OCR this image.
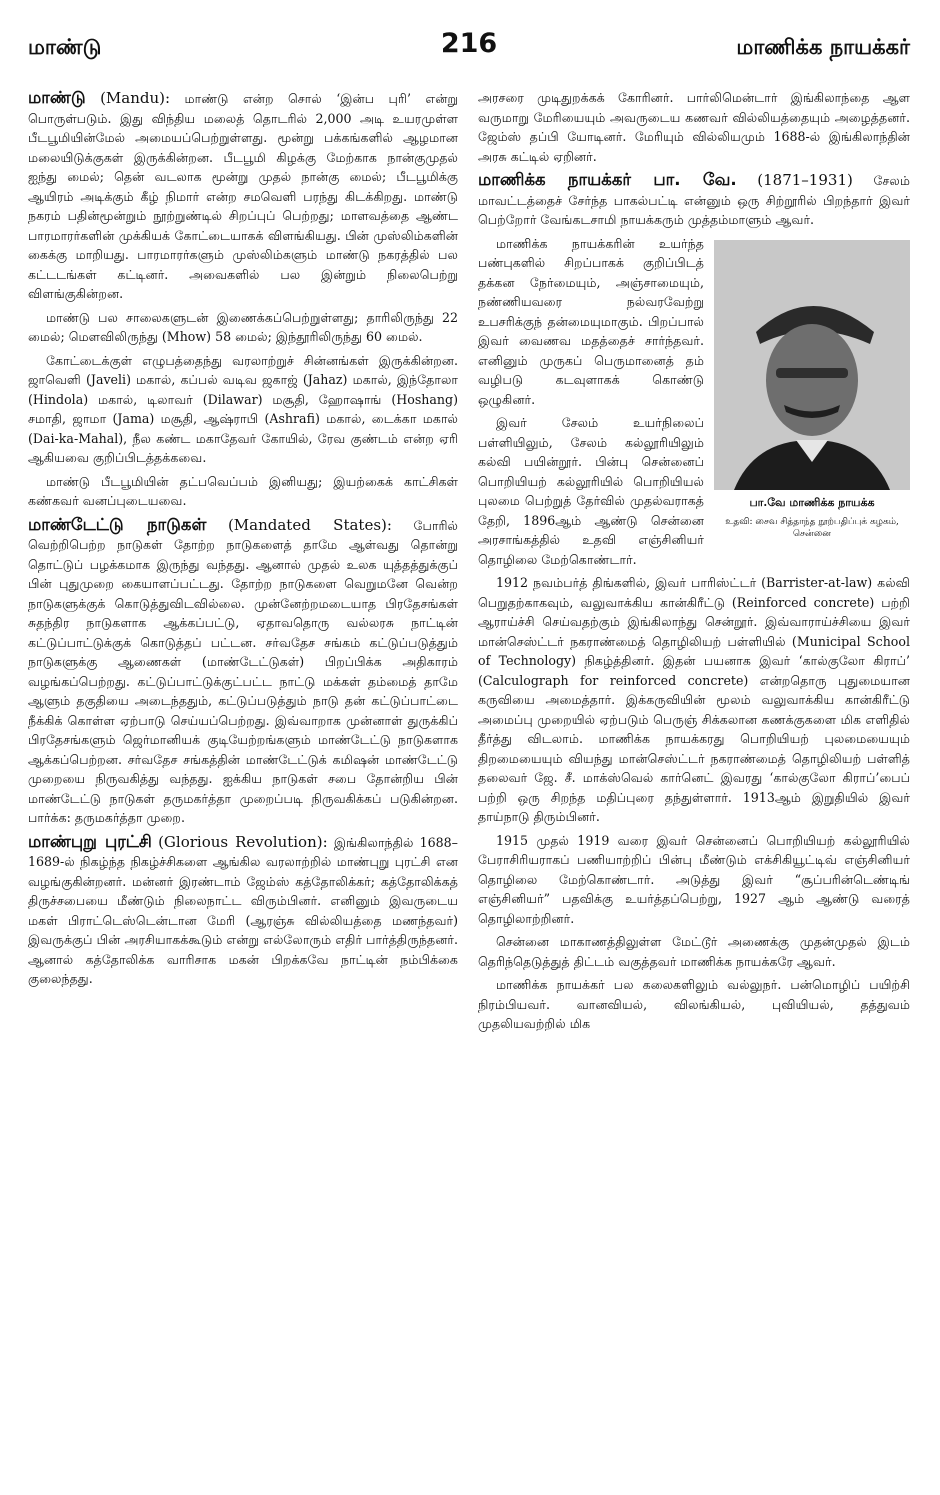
மாண்டு	216	மாணிக்க நாயக்கர்

மாண்டு (Mandu): மாண்டு என்ற சொல் ‘இன்ப புரி’ என்று பொருள்படும். இது விந்திய மலைத் தொடரில் 2,000 அடி உயரமுள்ள பீடபூமியின்மேல் அமையப்பெற்றுள்ளது. மூன்று பக்கங்களில் ஆழமான மலையிடுக்குகள் இருக்கின்றன. பீடபூமி கிழக்கு மேற்காக நான்குமுதல் ஐந்து மைல்; தென் வடலாக மூன்று முதல் நான்கு மைல்; பீடபூமிக்கு ஆயிரம் அடிக்கும் கீழ் நிமார் என்ற சமவெளி பரந்து கிடக்கிறது. மாண்டு நகரம் பதின்மூன்றும் நூற்றுண்டில் சிறப்புப் பெற்றது; மாளவத்தை ஆண்ட பாரமாரர்களின் முக்கியக் கோட்டையாகக் விளங்கியது. பின் முஸ்லிம்களின் கைக்கு மாறியது. பாரமாரர்களும் முஸ்லிம்களும் மாண்டு நகரத்தில் பல கட்டடங்கள் கட்டினர். அவைகளில் பல இன்றும் நிலைபெற்று விளங்குகின்றன.

மாண்டு பல சாலைகளுடன் இணைக்கப்பெற்றுள்ளது; தாரிலிருந்து 22 மைல்; மௌவிலிருந்து (Mhow) 58 மைல்; இந்தூரிலிருந்து 60 மைல்.

கோட்டைக்குள் எழுபத்தைந்து வரலாற்றுச் சின்னங்கள் இருக்கின்றன. ஜாவெளி (Javeli) மகால், கப்பல் வடிவ ஜகாஜ் (Jahaz) மகால், இந்தோலா (Hindola) மகால், டிலாவர் (Dilawar) மசூதி, ஹோஷாங் (Hoshang) சமாதி, ஜாமா (Jama) மசூதி, ஆஷ்ராபி (Ashrafi) மகால், டைக்கா மகால் (Dai-ka-Mahal), நீல கண்ட மகாதேவர் கோயில், ரேவ குண்டம் என்ற ஏரி ஆகியவை குறிப்பிடத்தக்கவை.

மாண்டு பீடபூமியின் தட்பவெப்பம் இனியது; இயற்கைக் காட்சிகள் கண்கவர் வனப்புடையவை.

மாண்டேட்டு நாடுகள் (Mandated States): போரில் வெற்றிபெற்ற நாடுகள் தோற்ற நாடுகளைத் தாமே ஆள்வது தொன்று தொட்டுப் பழக்கமாக இருந்து வந்தது. ஆனால் முதல் உலக யுத்தத்துக்குப் பின் புதுமுறை கையாளப்பட்டது. தோற்ற நாடுகளை வெறுமனே வென்ற நாடுகளுக்குக் கொடுத்துவிடவில்லை. முன்னேற்றமடையாத பிரதேசங்கள் சுதந்திர நாடுகளாக ஆக்கப்பட்டு, ஏதாவதொரு வல்லரசு நாட்டின் கட்டுப்பாட்டுக்குக் கொடுத்தப் பட்டன. சர்வதேச சங்கம் கட்டுப்படுத்தும் நாடுகளுக்கு ஆணைகள் (மாண்டேட்டுகள்) பிறப்பிக்க அதிகாரம் வழங்கப்பெற்றது. கட்டுப்பாட்டுக்குட்பட்ட நாட்டு மக்கள் தம்மைத் தாமே ஆளும் தகுதியை அடைந்ததும், கட்டுப்படுத்தும் நாடு தன் கட்டுப்பாட்டை நீக்கிக் கொள்ள ஏற்பாடு செய்யப்பெற்றது. இவ்வாறாக முன்னாள் துருக்கிப் பிரதேசங்களும் ஜெர்மானியக் குடியேற்றங்களும் மாண்டேட்டு நாடுகளாக ஆக்கப்பெற்றன. சர்வதேச சங்கத்தின் மாண்டேட்டுக் கமிஷன் மாண்டேட்டு முறையை நிருவகித்து வந்தது. ஐக்கிய நாடுகள் சபை தோன்றிய பின் மாண்டேட்டு நாடுகள் தருமகர்த்தா முறைப்படி நிருவகிக்கப் படுகின்றன. பார்க்க: தருமகர்த்தா முறை.

மாண்புறு புரட்சி (Glorious Revolution): இங்கிலாந்தில் 1688–1689-ல் நிகழ்ந்த நிகழ்ச்சிகளை ஆங்கில வரலாற்றில் மாண்புறு புரட்சி என வழங்குகின்றனர். மன்னர் இரண்டாம் ஜேம்ஸ் கத்தோலிக்கர்; கத்தோலிக்கத் திருச்சபையை மீண்டும் நிலைநாட்ட விரும்பினர். எனினும் இவருடைய மகள் பிராட்டெஸ்டென்டான மேரி (ஆரஞ்சு வில்லியத்தை மணந்தவர்) இவருக்குப் பின் அரசியாகக்கூடும் என்று எல்லோரும் எதிர் பார்த்திருந்தனர். ஆனால் கத்தோலிக்க வாரிசாக மகன் பிறக்கவே நாட்டின் நம்பிக்கை குலைந்தது.

அரசரை முடிதுறக்கக் கோரினர். பார்லிமென்டார் இங்கிலாந்தை ஆள வருமாறு மேரியையும் அவருடைய கணவர் வில்லியத்தையும் அழைத்தனர். ஜேம்ஸ் தப்பி யோடினர். மேரியும் வில்லியமும் 1688-ல் இங்கிலாந்தின் அரசு கட்டில் ஏறினர்.

மாணிக்க நாயக்கர் பா. வே. (1871–1931) சேலம் மாவட்டத்தைச் சேர்ந்த பாகல்பட்டி என்னும் ஒரு சிற்றூரில் பிறந்தார் இவர் பெற்றோர் வேங்கடசாமி நாயக்கரும் முத்தம்மாளும் ஆவர்.

பா.வே மாணிக்க நாயக்க
உதவி: சைவ சித்தாந்த நூற்பதிப்புக் கழகம், சென்னை

மாணிக்க நாயக்கரின் உயர்ந்த பண்புகளில் சிறப்பாகக் குறிப்பிடத் தக்கன நேர்மையும், அஞ்சாமையும், நண்ணியவரை நல்வரவேற்று உபசரிக்குந் தன்மையுமாகும். பிறப்பால் இவர் வைணவ மதத்தைச் சார்ந்தவர். எனினும் முருகப் பெருமானைத் தம் வழிபடு கடவுளாகக் கொண்டு ஒழுகினர்.

இவர் சேலம் உயர்நிலைப் பள்ளியிலும், சேலம் கல்லூரியிலும் கல்வி பயின்றூர். பின்பு சென்னைப் பொறியியற் கல்லூரியில் பொறியியல் புலமை பெற்றுத் தேர்வில் முதல்வராகத் தேறி, 1896ஆம் ஆண்டு சென்னை அரசாங்கத்தில் உதவி எஞ்சினியர் தொழிலை மேற்கொண்டார்.

1912 நவம்பர்த் திங்களில், இவர் பாரிஸ்ட்டர் (Barrister-at-law) கல்வி பெறுதற்காகவும், வலுவாக்கிய கான்கிரீட்டு (Reinforced concrete) பற்றி ஆராய்ச்சி செய்வதற்கும் இங்கிலாந்து சென்றூர். இவ்வாராய்ச்சியை இவர் மான்செஸ்ட்டர் நகராண்மைத் தொழிலியற் பள்ளியில் (Municipal School of Technology) நிகழ்த்தினர். இதன் பயனாக இவர் ‘கால்குலோ கிராப்’ (Calculograph for reinforced concrete) என்றதொரு புதுமையான கருவியை அமைத்தார். இக்கருவியின் மூலம் வலுவாக்கிய கான்கிரீட்டு அமைப்பு முறையில் ஏற்படும் பெருஞ் சிக்கலான கணக்குகளை மிக எளிதில் தீர்த்து விடலாம். மாணிக்க நாயக்கரது பொறியியற் புலமையையும் திறமையையும் வியந்து மான்செஸ்ட்டர் நகராண்மைத் தொழிலியற் பள்ளித் தலைவர் ஜே. சீ. மாக்ஸ்வெல் கார்னெட் இவரது ‘கால்குலோ கிராப்’பைப் பற்றி ஒரு சிறந்த மதிப்புரை தந்துள்ளார். 1913ஆம் இறுதியில் இவர் தாய்நாடு திரும்பினர்.

1915 முதல் 1919 வரை இவர் சென்னைப் பொறியியற் கல்லூரியில் பேராசிரியராகப் பணியாற்றிப் பின்பு மீண்டும் எக்சிகியூட்டிவ் எஞ்சினியர் தொழிலை மேற்கொண்டார். அடுத்து இவர் “சூப்பரின்டெண்டிங் எஞ்சினியர்” பதவிக்கு உயர்த்தப்பெற்று, 1927 ஆம் ஆண்டு வரைத் தொழிலாற்றினர்.

சென்னை மாகாணத்திலுள்ள மேட்டூர் அணைக்கு முதன்முதல் இடம் தெரிந்தெடுத்துத் திட்டம் வகுத்தவர் மாணிக்க நாயக்கரே ஆவர்.

மாணிக்க நாயக்கர் பல கலைகளிலும் வல்லுநர். பன்மொழிப் பயிற்சி நிரம்பியவர். வானவியல், விலங்கியல், புவியியல், தத்துவம் முதலியவற்றில் மிக
